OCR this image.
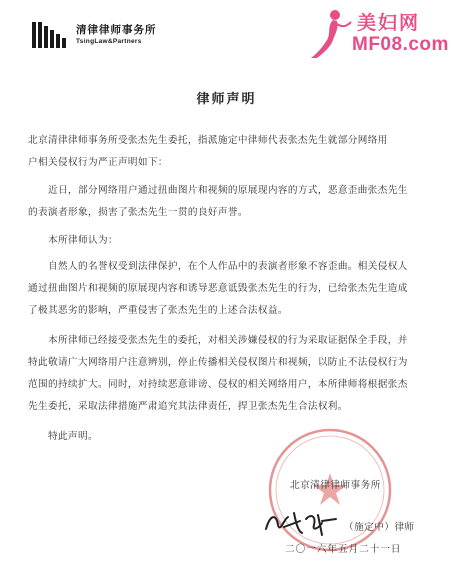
清律律师事务所
TsingLaw&Partners
美妇网
MF08.com
律师声明

北京清律律师事务所受张杰先生委托，指派施定中律师代表张杰先生就部分网络用
户相关侵权行为严正声明如下：

近日，部分网络用户通过扭曲图片和视频的原展现内容的方式，恶意歪曲张杰先生
的表演者形象，损害了张杰先生一贯的良好声誉。

本所律师认为：

自然人的名誉权受到法律保护，在个人作品中的表演者形象不容歪曲。相关侵权人
通过扭曲图片和视频的原展现内容和诱导恶意诋毁张杰先生的行为，已给张杰先生造成
了极其恶劣的影响，严重侵害了张杰先生的上述合法权益。

本所律师已经接受张杰先生的委托，对相关涉嫌侵权的行为采取证据保全手段，并
特此敬请广大网络用户注意辨别，停止传播相关侵权图片和视频，以防止不法侵权行为
范围的持续扩大。同时，对持续恶意诽谤、侵权的相关网络用户，本所律师将根据张杰
先生委托，采取法律措施严肃追究其法律责任，捍卫张杰先生合法权利。

特此声明。

北京清律律师事务所
（施定中）律师
二〇一六年五月二十一日
